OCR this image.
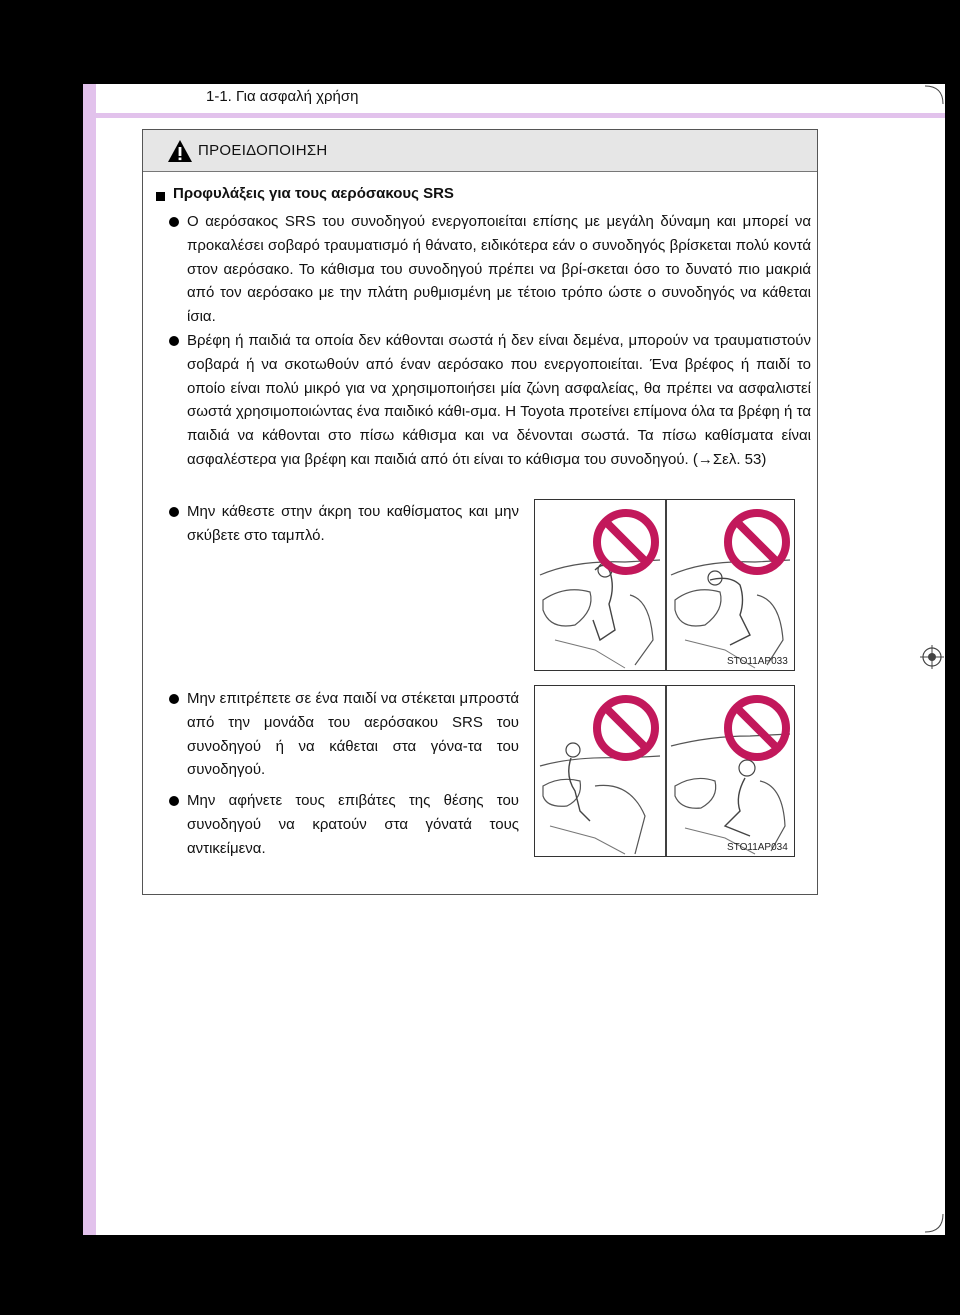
1-1. Για ασφαλή χρήση
ΠΡΟΕΙΔΟΠΟΙΗΣΗ
Προφυλάξεις για τους αερόσακους SRS
Ο αερόσακος SRS του συνοδηγού ενεργοποιείται επίσης με μεγάλη δύναμη και μπορεί να προκαλέσει σοβαρό τραυματισμό ή θάνατο, ειδικότερα εάν ο συνοδηγός βρίσκεται πολύ κοντά στον αερόσακο. Το κάθισμα του συνοδηγού πρέπει να βρί-σκεται όσο το δυνατό πιο μακριά από τον αερόσακο με την πλάτη ρυθμισμένη με τέτοιο τρόπο ώστε ο συνοδηγός να κάθεται ίσια.
Βρέφη ή παιδιά τα οποία δεν κάθονται σωστά ή δεν είναι δεμένα, μπορούν να τραυματιστούν σοβαρά ή να σκοτωθούν από έναν αερόσακο που ενεργοποιείται. Ένα βρέφος ή παιδί το οποίο είναι πολύ μικρό για να χρησιμοποιήσει μία ζώνη ασφαλείας, θα πρέπει να ασφαλιστεί σωστά χρησιμοποιώντας ένα παιδικό κάθι-σμα. Η Toyota προτείνει επίμονα όλα τα βρέφη ή τα παιδιά να κάθονται στο πίσω κάθισμα και να δένονται σωστά. Τα πίσω καθίσματα είναι ασφαλέστερα για βρέφη και παιδιά από ότι είναι το κάθισμα του συνοδηγού. (→Σελ. 53)
Μην κάθεστε στην άκρη του καθίσματος και μην σκύβετε στο ταμπλό.
Μην επιτρέπετε σε ένα παιδί να στέκεται μπροστά από την μονάδα του αερόσακου SRS του συνοδηγού ή να κάθεται στα γόνα-τα του συνοδηγού.
Μην αφήνετε τους επιβάτες της θέσης του συνοδηγού να κρατούν στα γόνατά τους αντικείμενα.
STO11AP033
STO11AP034
